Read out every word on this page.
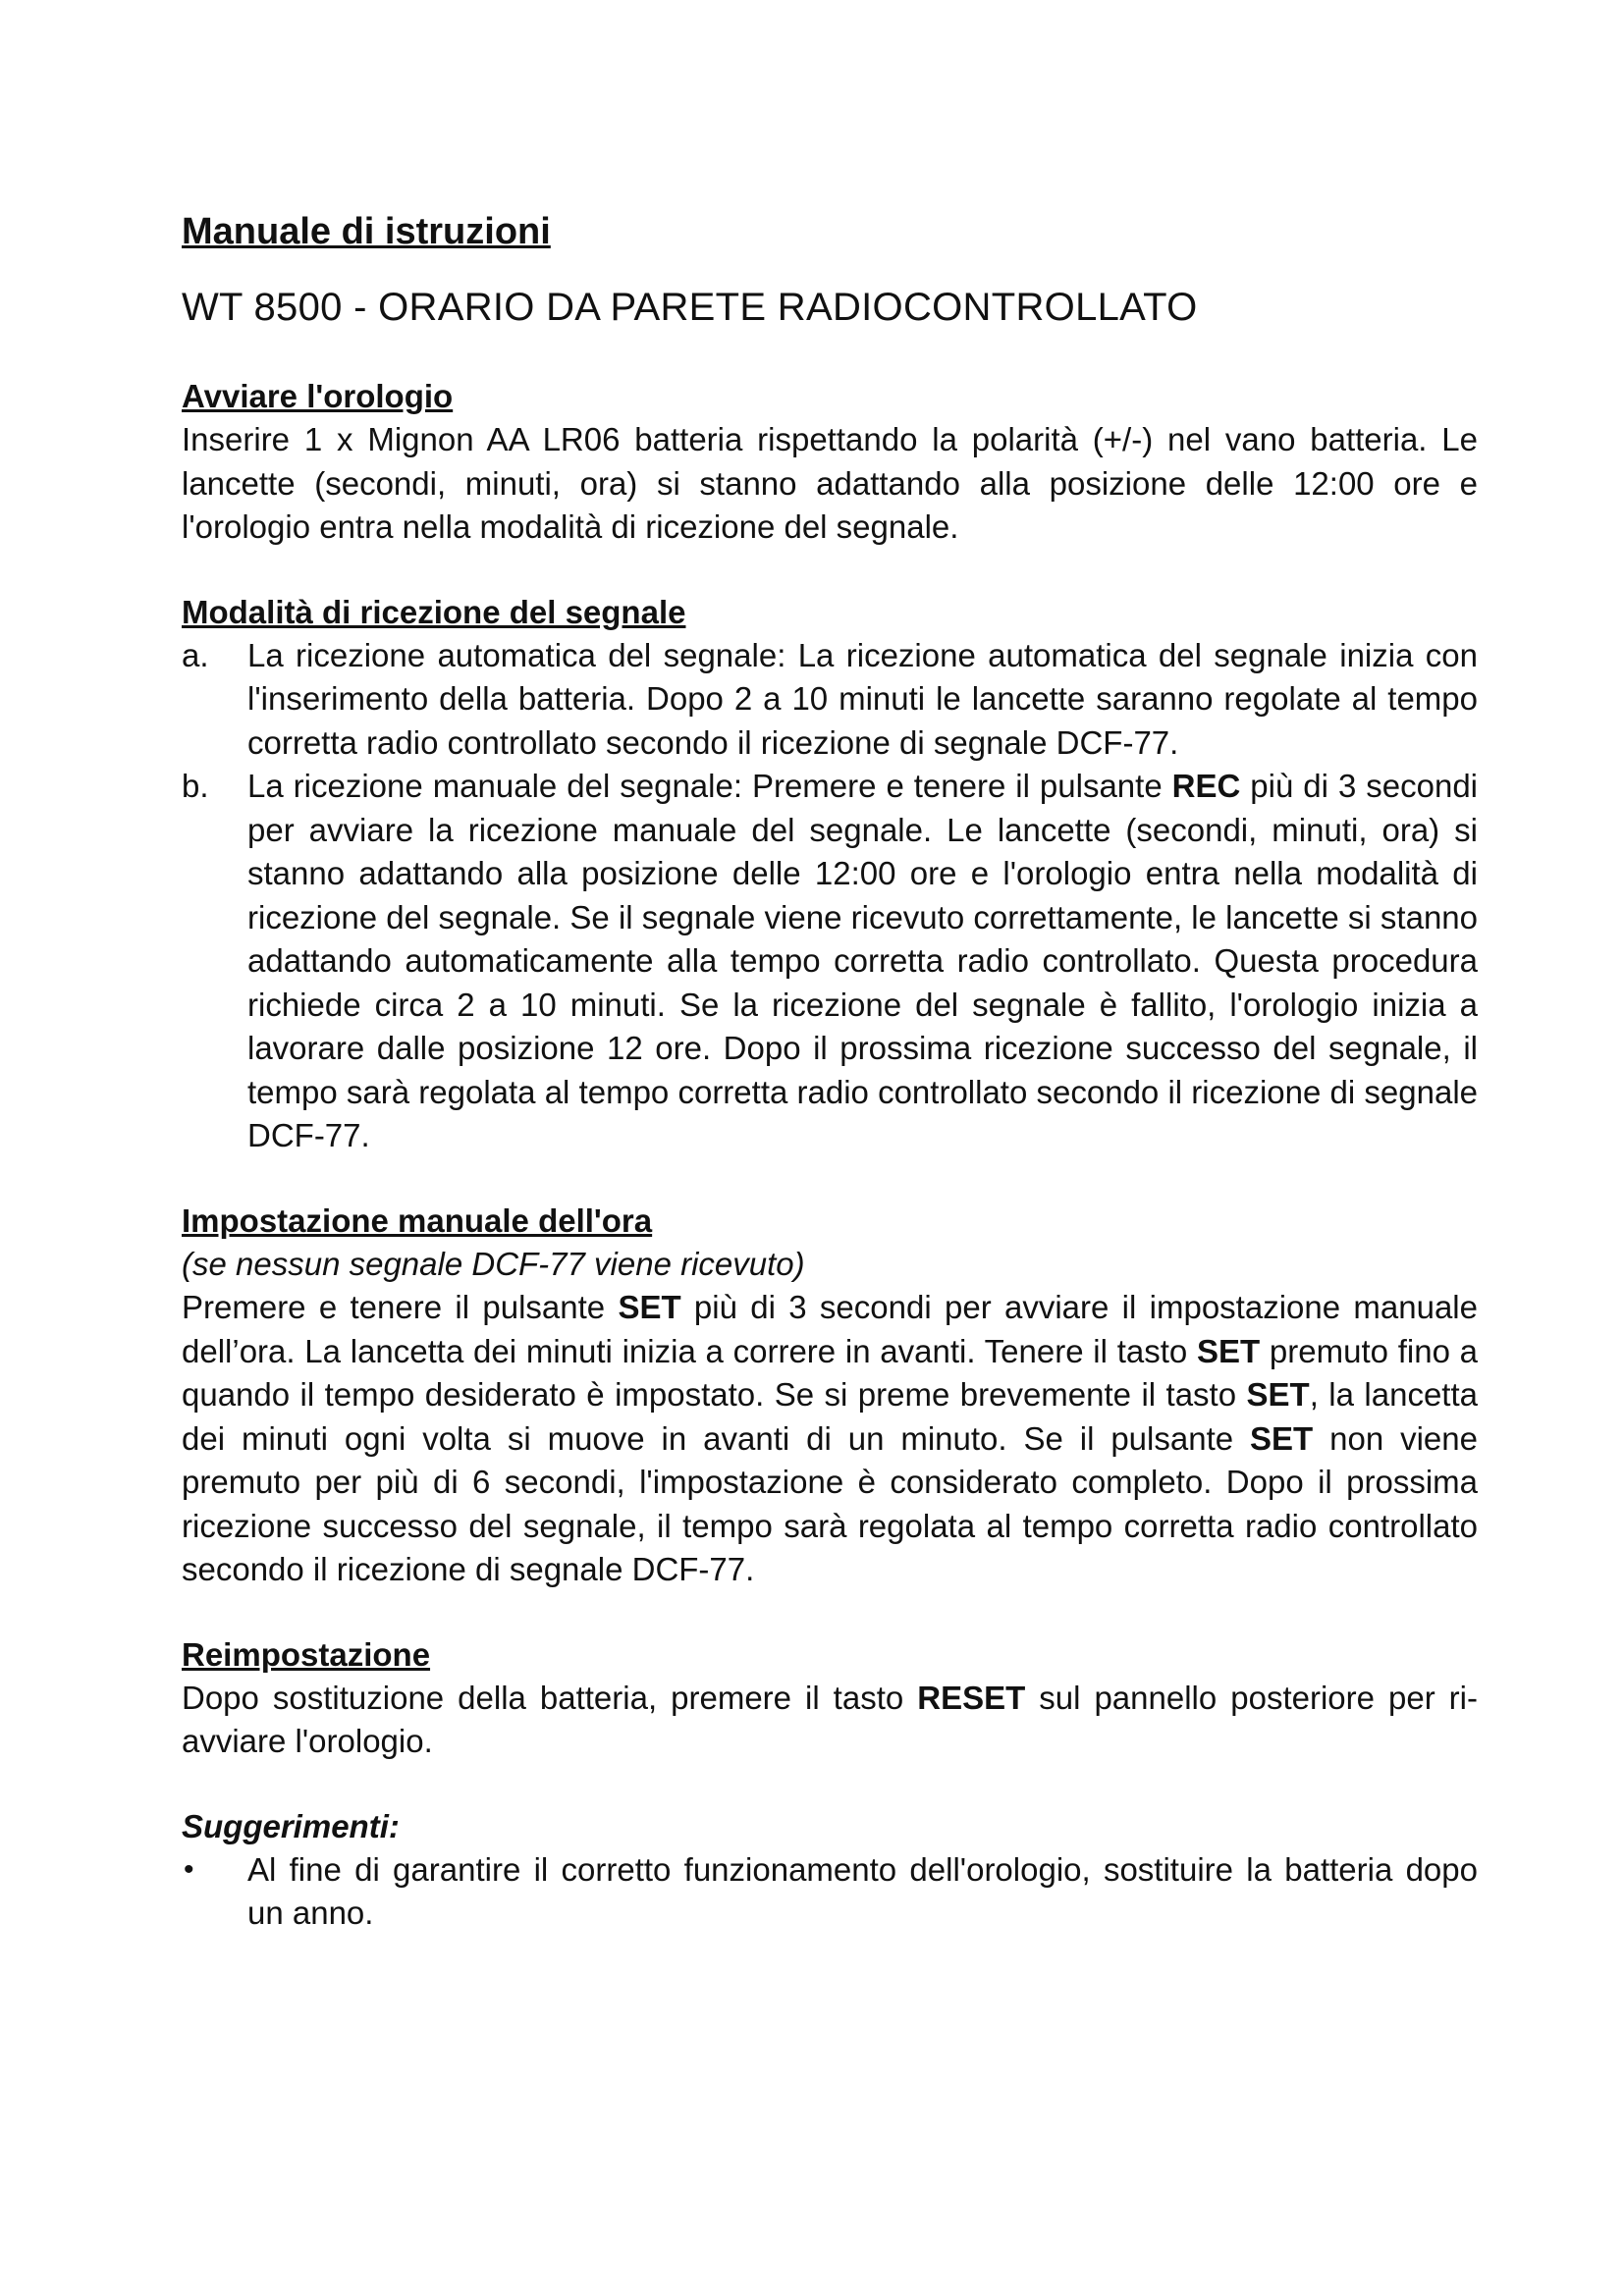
Manuale di istruzioni
WT 8500 - ORARIO DA PARETE RADIOCONTROLLATO
Avviare l'orologio

Inserire 1 x Mignon AA LR06 batteria rispettando la polarità (+/-) nel vano batteria. Le lancette (secondi, minuti, ora) si stanno adattando alla posizione delle 12:00 ore e l'orologio entra nella modalità di ricezione del segnale.

Modalità di ricezione del segnale
a. La ricezione automatica del segnale: La ricezione automatica del segnale inizia con l'inserimento della batteria. Dopo 2 a 10 minuti le lancette saranno regolate al tempo corretta radio controllato secondo il ricezione di segnale DCF-77.
b. La ricezione manuale del segnale: Premere e tenere il pulsante REC più di 3 secondi per avviare la ricezione manuale del segnale. Le lancette (secondi, minuti, ora) si stanno adattando alla posizione delle 12:00 ore e l'orologio entra nella modalità di ricezione del segnale. Se il segnale viene ricevuto correttamente, le lancette si stanno adattando automaticamente alla tempo corretta radio controllato. Questa procedura richiede circa 2 a 10 minuti. Se la ricezione del segnale è fallito, l'orologio inizia a lavorare dalle posizione 12 ore. Dopo il prossima ricezione successo del segnale, il tempo sarà regolata al tempo corretta radio controllato secondo il ricezione di segnale DCF-77.
Impostazione manuale dell'ora

(se nessun segnale DCF-77 viene ricevuto)

Premere e tenere il pulsante SET più di 3 secondi per avviare il impostazione manuale dell’ora. La lancetta dei minuti inizia a correre in avanti. Tenere il tasto SET premuto fino a quando il tempo desiderato è impostato. Se si preme brevemente il tasto SET, la lancetta dei minuti ogni volta si muove in avanti di un minuto. Se il pulsante SET non viene premuto per più di 6 secondi, l'impostazione è considerato completo. Dopo il prossima ricezione successo del segnale, il tempo sarà regolata al tempo corretta radio controllato secondo il ricezione di segnale DCF-77.

Reimpostazione

Dopo sostituzione della batteria, premere il tasto RESET sul pannello posteriore per ri-avviare l'orologio.

Suggerimenti:
• Al fine di garantire il corretto funzionamento dell'orologio, sostituire la batteria dopo un anno.
